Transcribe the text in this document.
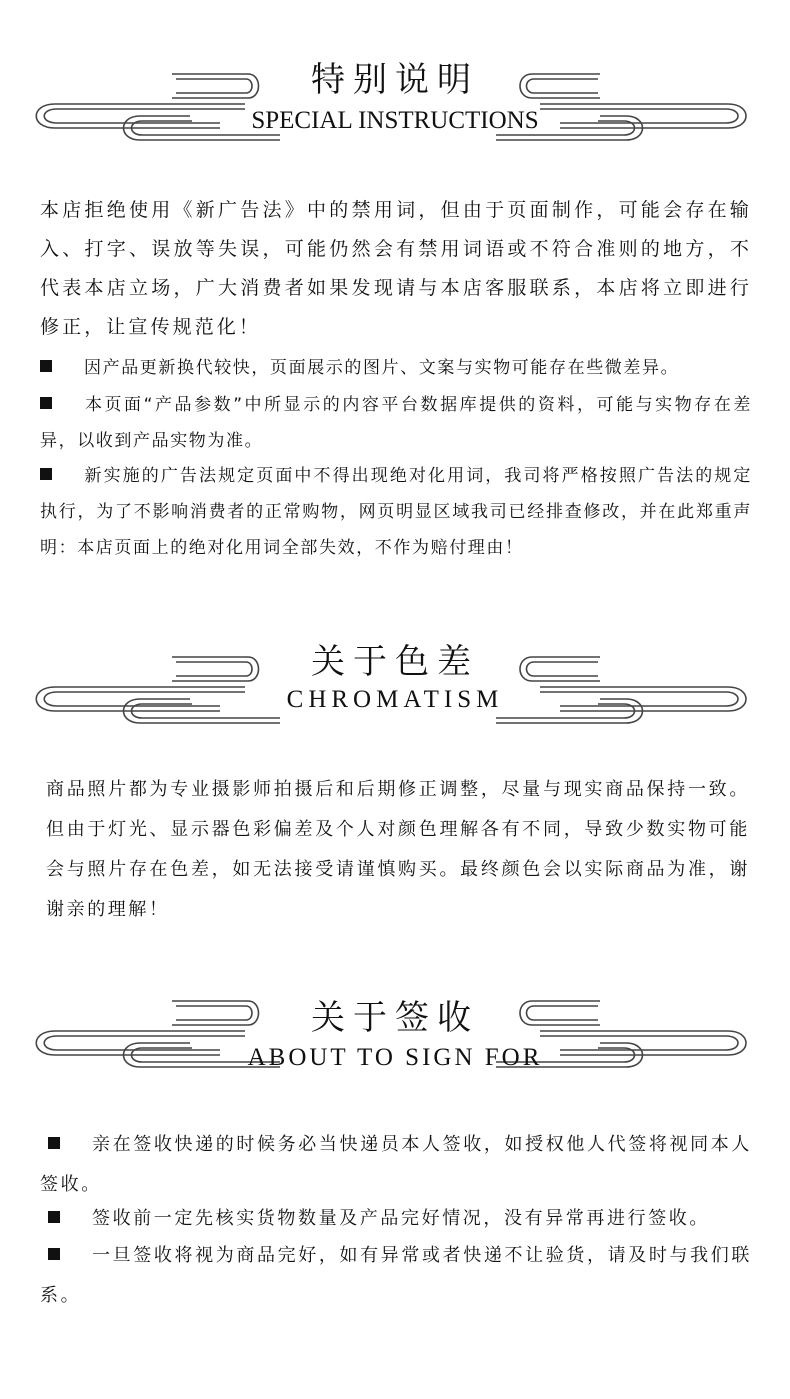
特别说明
SPECIAL INSTRUCTIONS

本店拒绝使用《新广告法》中的禁用词，但由于页面制作，可能会存在输入、打字、误放等失误，可能仍然会有禁用词语或不符合准则的地方，不代表本店立场，广大消费者如果发现请与本店客服联系，本店将立即进行修正，让宣传规范化！

因产品更新换代较快，页面展示的图片、文案与实物可能存在些微差异。

本页面“产品参数”中所显示的内容平台数据库提供的资料，可能与实物存在差异，以收到产品实物为准。

新实施的广告法规定页面中不得出现绝对化用词，我司将严格按照广告法的规定执行，为了不影响消费者的正常购物，网页明显区域我司已经排查修改，并在此郑重声明：本店页面上的绝对化用词全部失效，不作为赔付理由！

关于色差
CHROMATISM

商品照片都为专业摄影师拍摄后和后期修正调整，尽量与现实商品保持一致。但由于灯光、显示器色彩偏差及个人对颜色理解各有不同，导致少数实物可能会与照片存在色差，如无法接受请谨慎购买。最终颜色会以实际商品为准，谢谢亲的理解！

关于签收
ABOUT TO SIGN FOR

亲在签收快递的时候务必当快递员本人签收，如授权他人代签将视同本人签收。

签收前一定先核实货物数量及产品完好情况，没有异常再进行签收。

一旦签收将视为商品完好，如有异常或者快递不让验货，请及时与我们联系。
